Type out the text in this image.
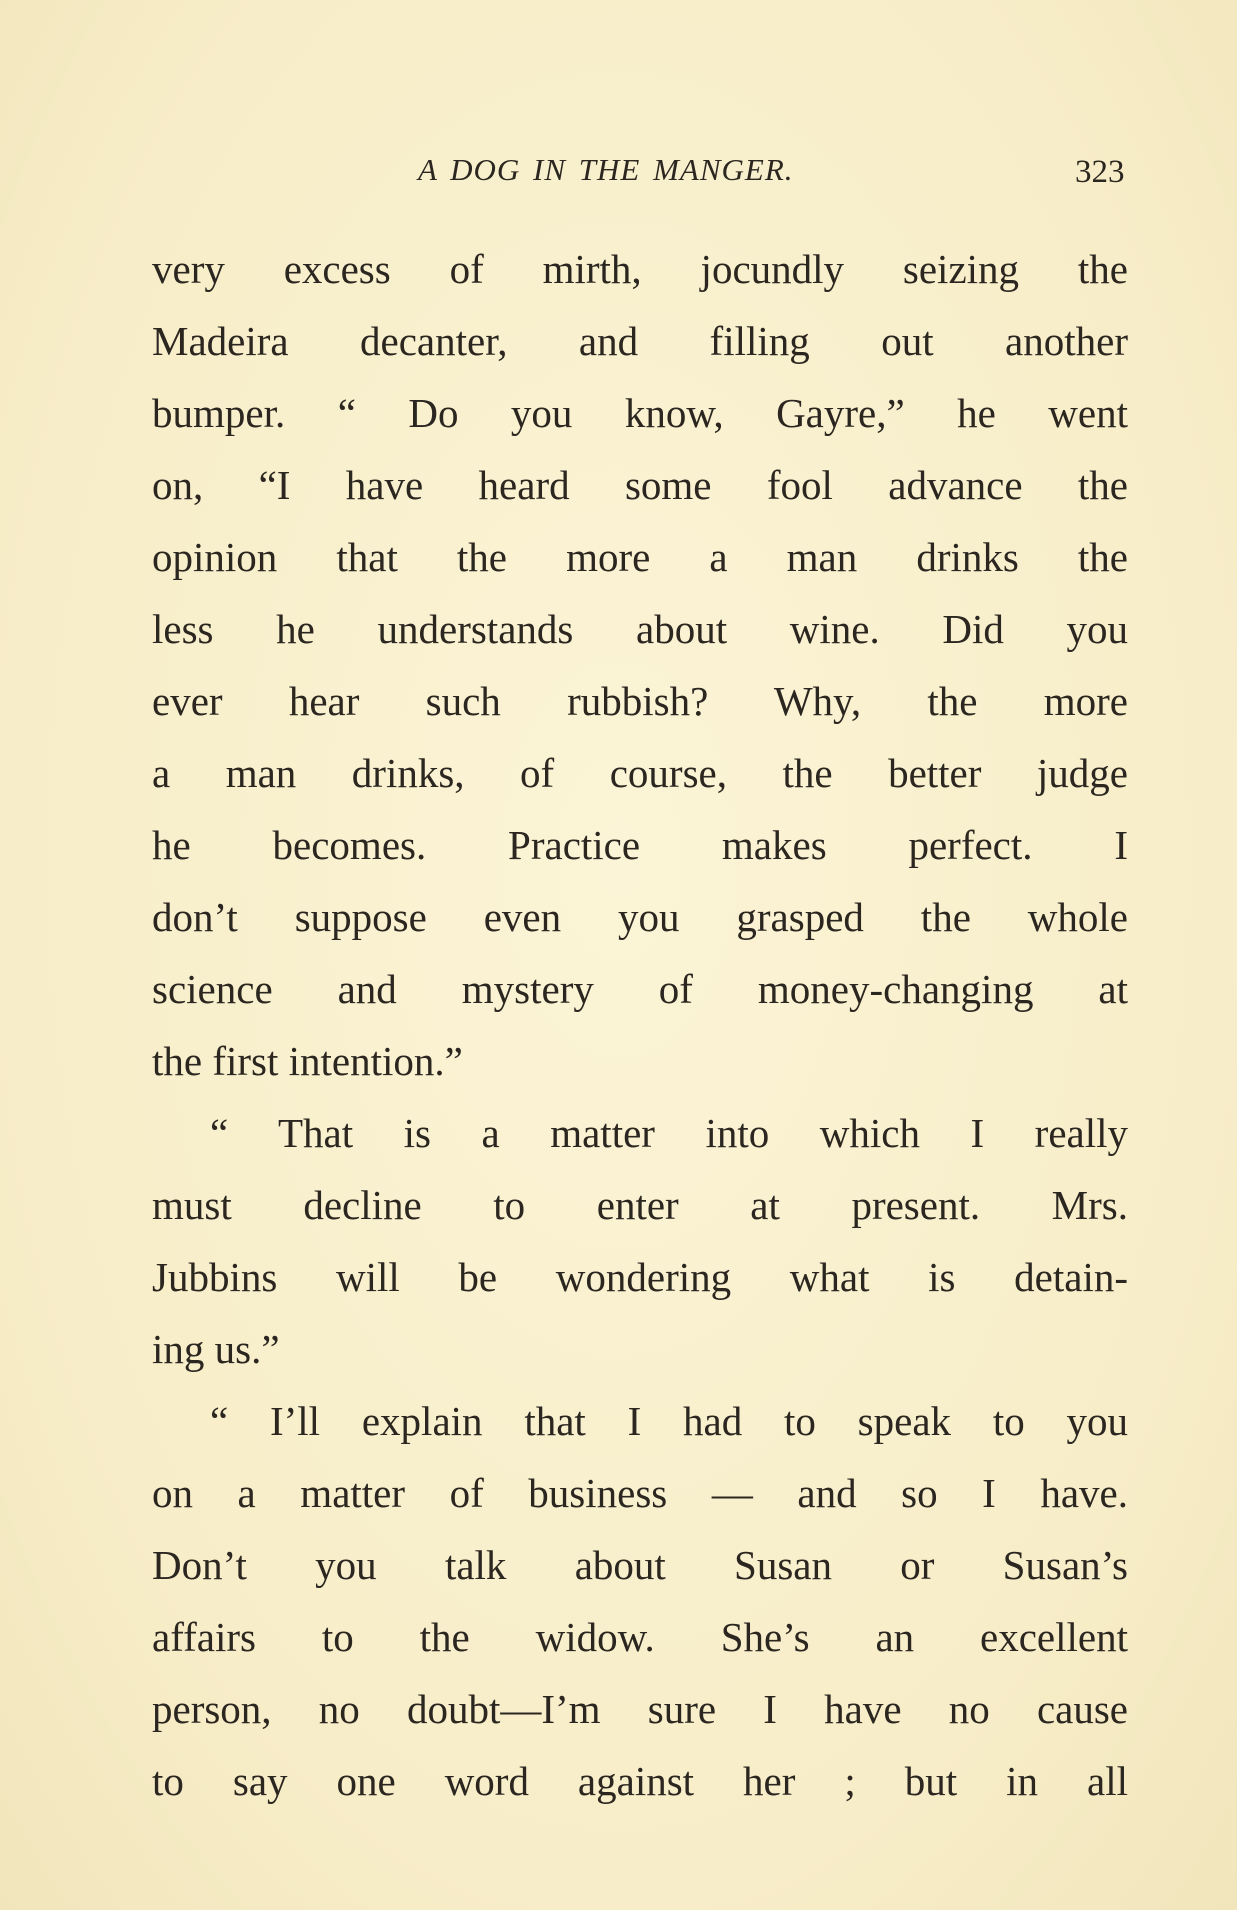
A DOG IN THE MANGER.	323
very excess of mirth, jocundly seizing the
Madeira decanter, and filling out another
bumper. “ Do you know, Gayre,” he went
on, “I have heard some fool advance the
opinion that the more a man drinks the
less he understands about wine. Did you
ever hear such rubbish? Why, the more
a man drinks, of course, the better judge
he becomes. Practice makes perfect. I
don’t suppose even you grasped the whole
science and mystery of money-changing at
the first intention.”
“ That is a matter into which I really
must decline to enter at present. Mrs.
Jubbins will be wondering what is detain-
ing us.”
“ I’ll explain that I had to speak to you
on a matter of business — and so I have.
Don’t you talk about Susan or Susan’s
affairs to the widow. She’s an excellent
person, no doubt—I’m sure I have no cause
to say one word against her ; but in all
